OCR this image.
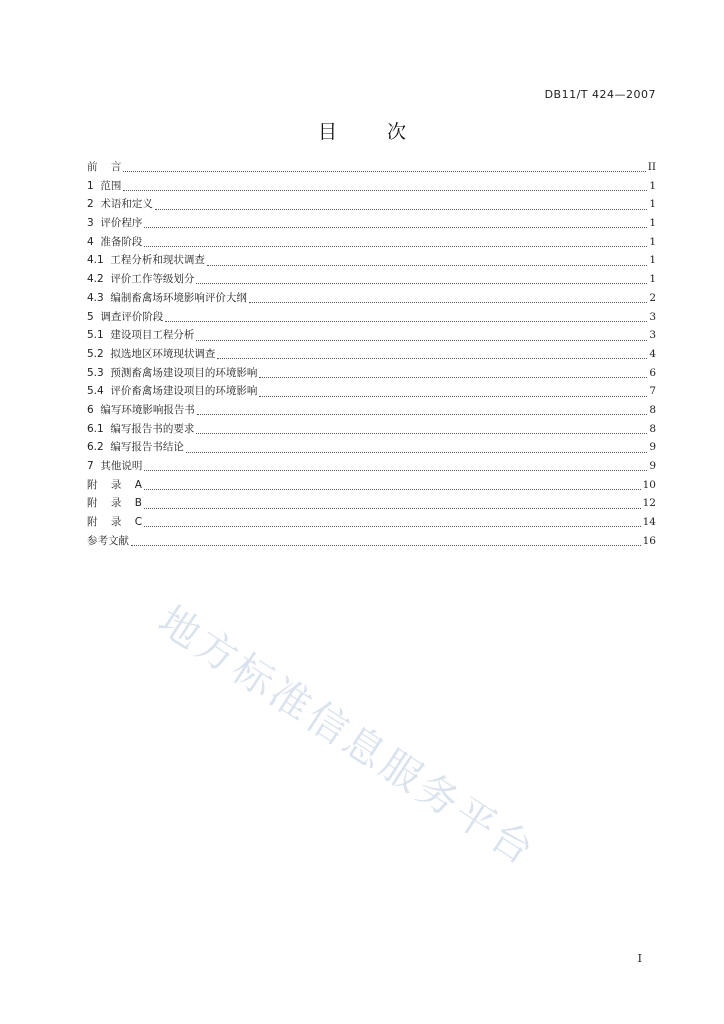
DB11/T 424—2007
目 次
前    言	II
1  范围	1
2  术语和定义	1
3  评价程序	1
4  准备阶段	1
4.1  工程分析和现状调查	1
4.2  评价工作等级划分	1
4.3  编制畜禽场环境影响评价大纲	2
5  调查评价阶段	3
5.1  建设项目工程分析	3
5.2  拟选地区环境现状调查	4
5.3  预测畜禽场建设项目的环境影响	6
5.4  评价畜禽场建设项目的环境影响	7
6  编写环境影响报告书	8
6.1  编写报告书的要求	8
6.2  编写报告书结论	9
7  其他说明	9
附    录    A	10
附    录    B	12
附    录    C	14
参考文献	16
地方标准信息服务平台
I
